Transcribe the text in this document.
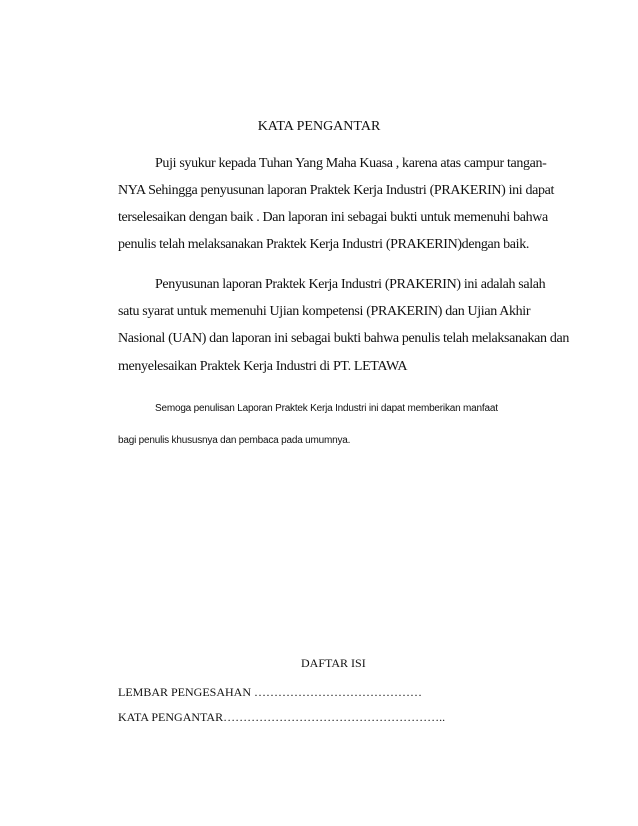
KATA PENGANTAR
Puji syukur kepada Tuhan Yang Maha Kuasa , karena atas campur tangan-
NYA Sehingga penyusunan laporan Praktek Kerja Industri (PRAKERIN) ini dapat
terselesaikan dengan baik . Dan laporan ini sebagai bukti untuk memenuhi bahwa
penulis telah melaksanakan Praktek Kerja Industri (PRAKERIN)dengan baik.
Penyusunan laporan Praktek Kerja Industri (PRAKERIN) ini adalah salah
satu syarat untuk memenuhi Ujian kompetensi (PRAKERIN) dan Ujian Akhir
Nasional (UAN) dan laporan ini sebagai bukti bahwa penulis telah melaksanakan dan
menyelesaikan Praktek Kerja Industri di PT. LETAWA
Semoga penulisan Laporan Praktek Kerja Industri ini dapat memberikan manfaat
bagi penulis khususnya dan pembaca pada umumnya.
DAFTAR ISI
LEMBAR PENGESAHAN ……………………………………
KATA PENGANTAR………………………………………………..
